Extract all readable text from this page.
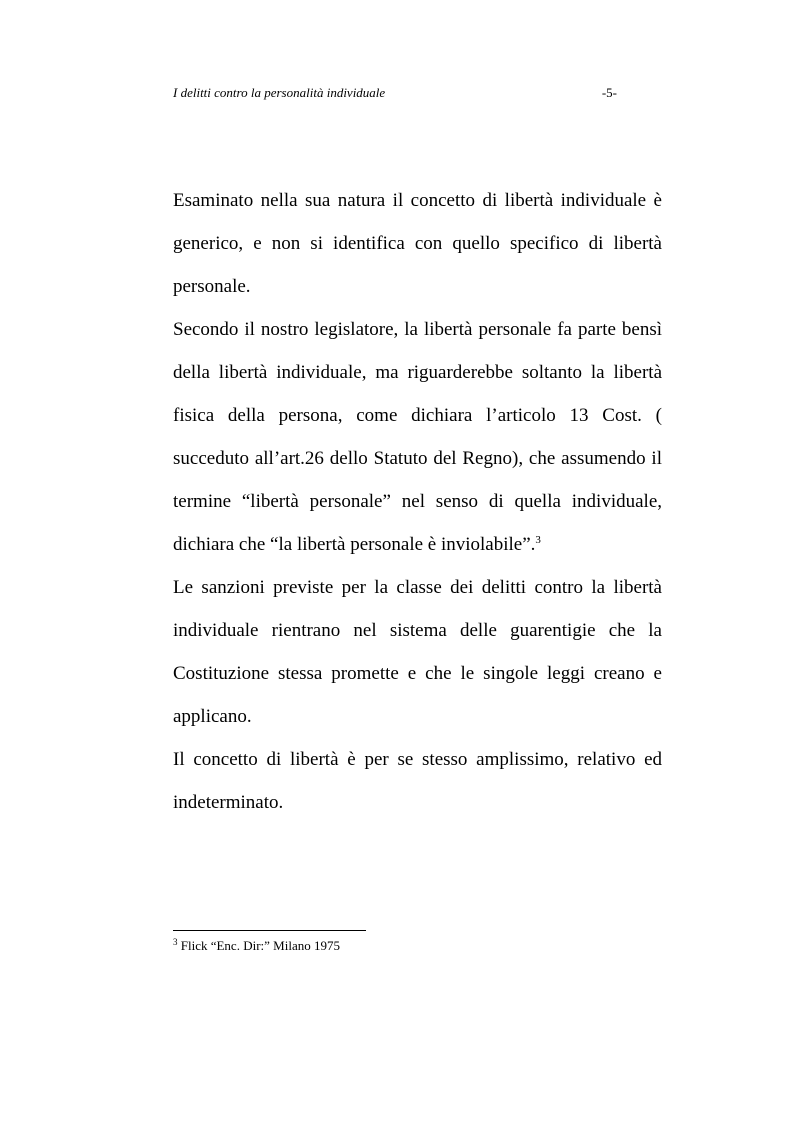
I delitti contro la personalità individuale	-5-

Esaminato nella sua natura il concetto di libertà individuale è generico, e non si identifica con quello specifico di libertà personale.

Secondo il nostro legislatore, la libertà personale fa parte bensì della libertà individuale, ma riguarderebbe soltanto la libertà fisica della persona, come dichiara l’articolo 13 Cost. ( succeduto all’art.26 dello Statuto del Regno), che assumendo il termine “libertà personale” nel senso di quella individuale, dichiara che “la libertà personale è inviolabile”.$^3$

Le sanzioni previste per la classe dei delitti contro la libertà individuale rientrano nel sistema delle guarentigie che la Costituzione stessa promette e che le singole leggi creano e applicano.

Il concetto di libertà è per se stesso amplissimo, relativo ed indeterminato.

$^3$ Flick “Enc. Dir:” Milano 1975
